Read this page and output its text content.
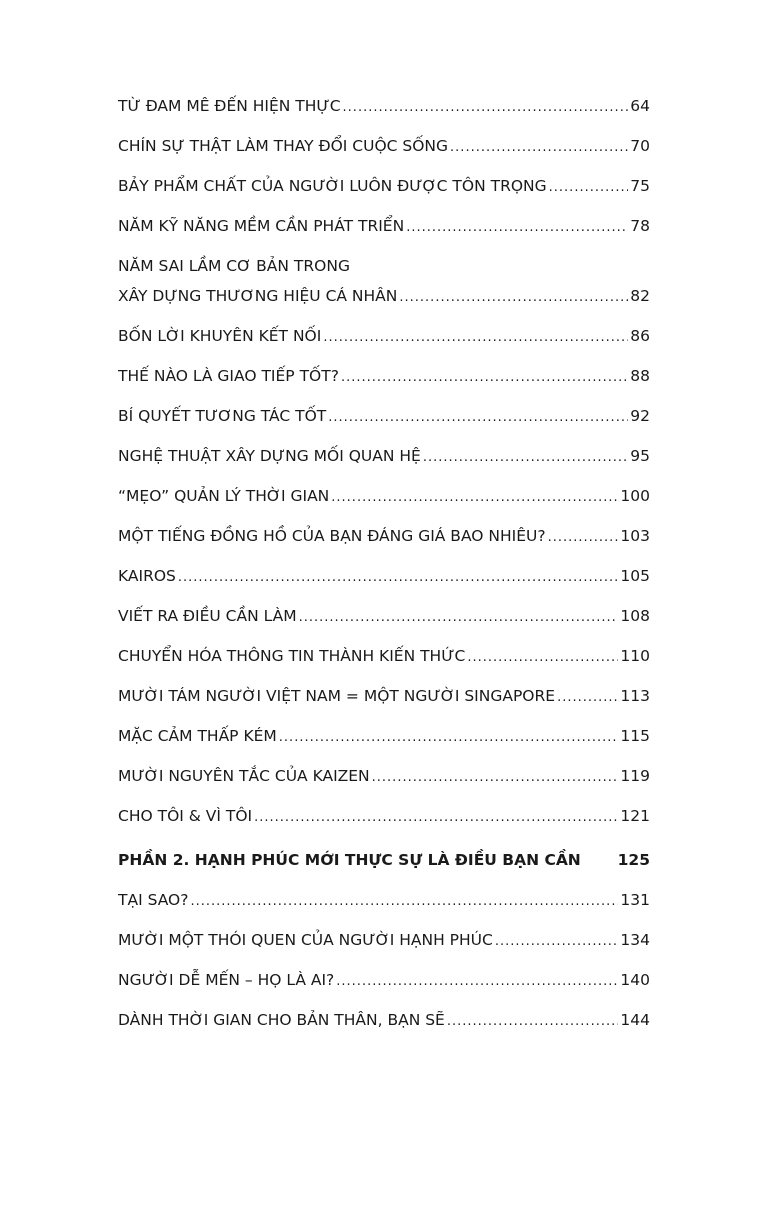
TỪ ĐAM MÊ ĐẾN HIỆN THỰC .....	64
CHÍN SỰ THẬT LÀM THAY ĐỔI CUỘC SỐNG .....	70
BẢY PHẨM CHẤT CỦA NGƯỜI LUÔN ĐƯỢC TÔN TRỌNG .....	75
NĂM KỸ NĂNG MỀM CẦN PHÁT TRIỂN .....	78
NĂM SAI LẦM CƠ BẢN TRONG
XÂY DỰNG THƯƠNG HIỆU CÁ NHÂN .....	82
BỐN LỜI KHUYÊN KẾT NỐI .....	86
THẾ NÀO LÀ GIAO TIẾP TỐT? .....	88
BÍ QUYẾT TƯƠNG TÁC TỐT .....	92
NGHỆ THUẬT XÂY DỰNG MỐI QUAN HỆ .....	95
“MẸO” QUẢN LÝ THỜI GIAN .....	100
MỘT TIẾNG ĐỒNG HỒ CỦA BẠN ĐÁNG GIÁ BAO NHIÊU? .....	103
KAIROS .....	105
VIẾT RA ĐIỀU CẦN LÀM .....	108
CHUYỂN HÓA THÔNG TIN THÀNH KIẾN THỨC .....	110
MƯỜI TÁM NGƯỜI VIỆT NAM = MỘT NGƯỜI SINGAPORE .....	113
MẶC CẢM THẤP KÉM .....	115
MƯỜI NGUYÊN TẮC CỦA KAIZEN .....	119
CHO TÔI & VÌ TÔI .....	121
PHẦN 2. HẠNH PHÚC MỚI THỰC SỰ LÀ ĐIỀU BẠN CẦN 125
TẠI SAO? .....	131
MƯỜI MỘT THÓI QUEN CỦA NGƯỜI HẠNH PHÚC .....	134
NGƯỜI DỄ MẾN – HỌ LÀ AI? .....	140
DÀNH THỜI GIAN CHO BẢN THÂN, BẠN SẼ .....	144
